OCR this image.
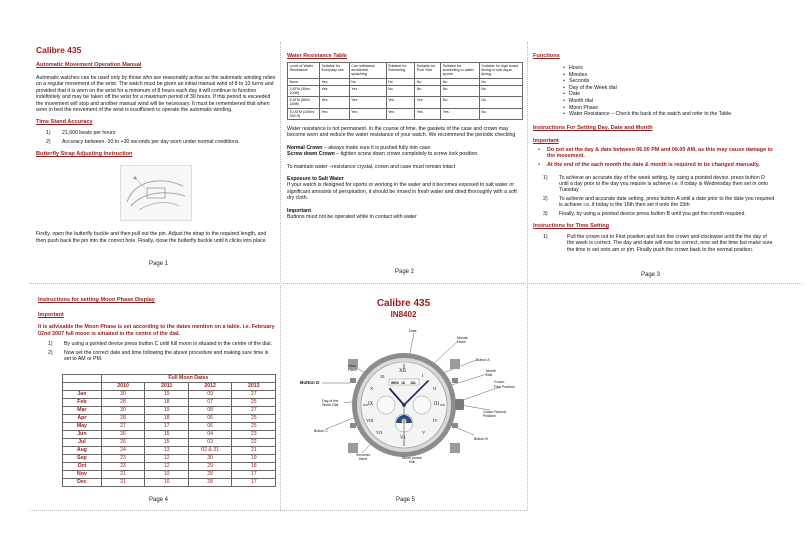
Calibre 435
Automatic Movement Operation Manual

Automatic watches can be used only by those who are reasonably active as the automatic winding relies on a regular movement of the wrist. The watch must be given an initial manual wind of 8 to 10 turns and provided that it is worn on the wrist for a minimum of 8 hours each day it will continue to function indefinitely and may be taken off the wrist for a maximum period of 30 hours. If this period is exceeded the movement will stop and another manual wind will be necessary. It must be remembered that when worn in bed the movement of the wrist is insufficient to operate the automatic winding.

Time Stand Accuracy
1) 21,600 beats per hours
2) Accuracy between -30 to +30 seconds per day worn under normal conditions.
Butterfly Strap Adjusting Instruction

Firstly, open the butterfly buckle and then pull out the pin. Adjust the strap to the required length, and then push back the pin into the correct hole. Finally, close the butterfly buckle until it clicks into place.

Page 1
Water Resistance Table
Level of Water Resistance	Suitable for Everyday use	Can withstand accidental splashing	Suitable for Swimming	Suitable for Pool Size	Suitable for snorkeling or water sports	Suitable for high board diving or sub-aqua diving
None	Yes	No	No	No	No	No
3 ATM (30m/ 100ft)	Yes	Yes	No	No	No	No
5 ATM (50m/ 165ft)	Yes	Yes	Yes	Yes	No	No
10 ATM (100m/ 330 ft)	Yes	Yes	Yes	Yes	Yes	No

Water resistance is not permanent. In the course of time, the gaskets of the case and crown may become worn and reduce the water resistance of your watch. We recommend the periodic checking

Normal Crown – always make sure it is pushed fully into case

Screw down Crown – tighten screw down crown completely to screw lock position.

To maintain water –resistance crystal, crown and case must remain intact

Exposure to Salt Water

If your watch is designed for sports or working in the water and it becomes exposed to salt water or significant amounts of perspiration, it should be rinsed in fresh water and dried thoroughly with a soft dry cloth.

Important

Buttons must not be operated while in contact with water

Page 2
Functions
• Hours
• Minutes
• Seconds
• Day of the Week dial
• Date
• Month dial
• Moon Phase
• Water Resistance – Check the back of the watch and refer to the Table.
Instructions For Setting Day, Date and Month
Important
• Do not set the day & date between 06.00 PM and 06.00 AM, as this may cause damage to the movement.
• At the end of the each month the date & month is required to be changed manually.
1) To achieve an accurate day of the week setting, by using a pointed device, press button D until a day prior to the day you require is achieve i.e. if today is Wednesday then set in onto Tuesday
2) To achieve and accurate date setting, press button A until a date prior to the date you required is achieve i.e. if today is the 16th then set it onto the 15th
3) Finally, by using a pointed device press button B until you get the month required.
Instructions for Time Setting
1)	Pull the crown out to First position and turn the crown anti-clockwise until the the day of the week is correct. The day and date will now be correct, now set the time but make sure the time is set onto am or pm. Finally push the crown back to the normal position.
Page 3
Instructions for setting Moon Phase Display
Important

It is advisable the Moon Phase is set according to the dates mention on a table. i.e. February 02nd 2007 full moon is situated in the centre of the dial.

1) By using a pointed device press button C until full moon is situated in the centre of the dial.
2) Now set the correct date and time following the above procedure and making sure time is set to AM or PM.
	Full Moon Dates			
	2010	2011	2012	2013
Jan	30	19	09	27
Feb	28	18	07	25
Mar	30	19	08	27
Apr	28	18	06	25
May	27	17	06	25
Jun	26	15	04	23
Jul	26	15	03	22
Aug	24	13	02 & 31	21
Sep	23	12	30	19
Oct	23	12	29	18
Nov	21	10	28	17
Dec	21	10	28	17
Page 4
Calibre 435
IN8402
WED 16 JUL
XII
I
II
III
IV
V
VI
VII
VIII
IX
X
XI
Date
Minute Hand
Button A
Month Dial
Crown
First Position
Hour Hand
Button D
Day of the Week Dial
Crown Normal Position
Button C
Button B
Seconds Hand	Moon phase Dial
Page 5
